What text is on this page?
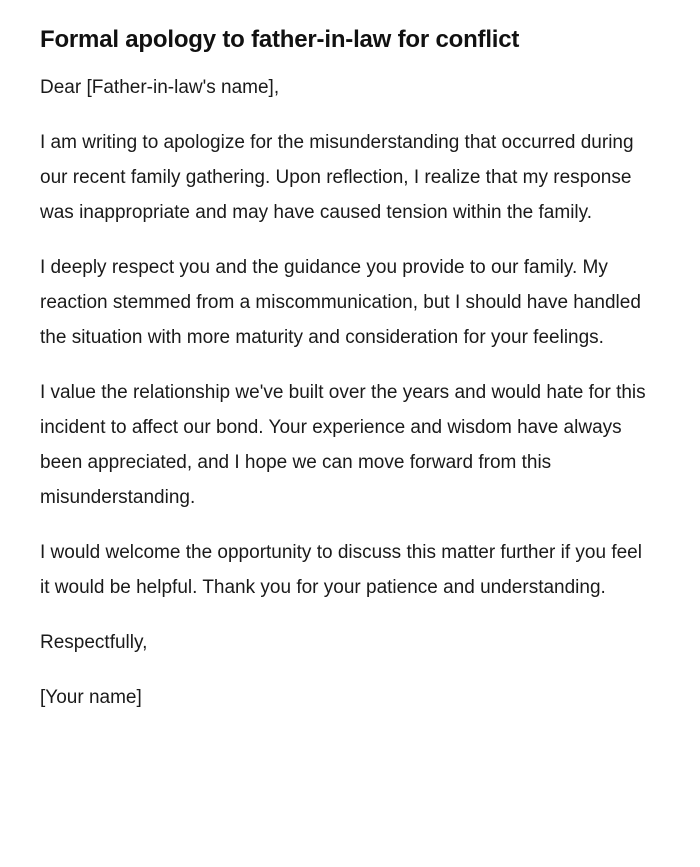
Formal apology to father-in-law for conflict

Dear [Father-in-law's name],

I am writing to apologize for the misunderstanding that occurred during our recent family gathering. Upon reflection, I realize that my response was inappropriate and may have caused tension within the family.

I deeply respect you and the guidance you provide to our family. My reaction stemmed from a miscommunication, but I should have handled the situation with more maturity and consideration for your feelings.

I value the relationship we've built over the years and would hate for this incident to affect our bond. Your experience and wisdom have always been appreciated, and I hope we can move forward from this misunderstanding.

I would welcome the opportunity to discuss this matter further if you feel it would be helpful. Thank you for your patience and understanding.

Respectfully,

[Your name]
